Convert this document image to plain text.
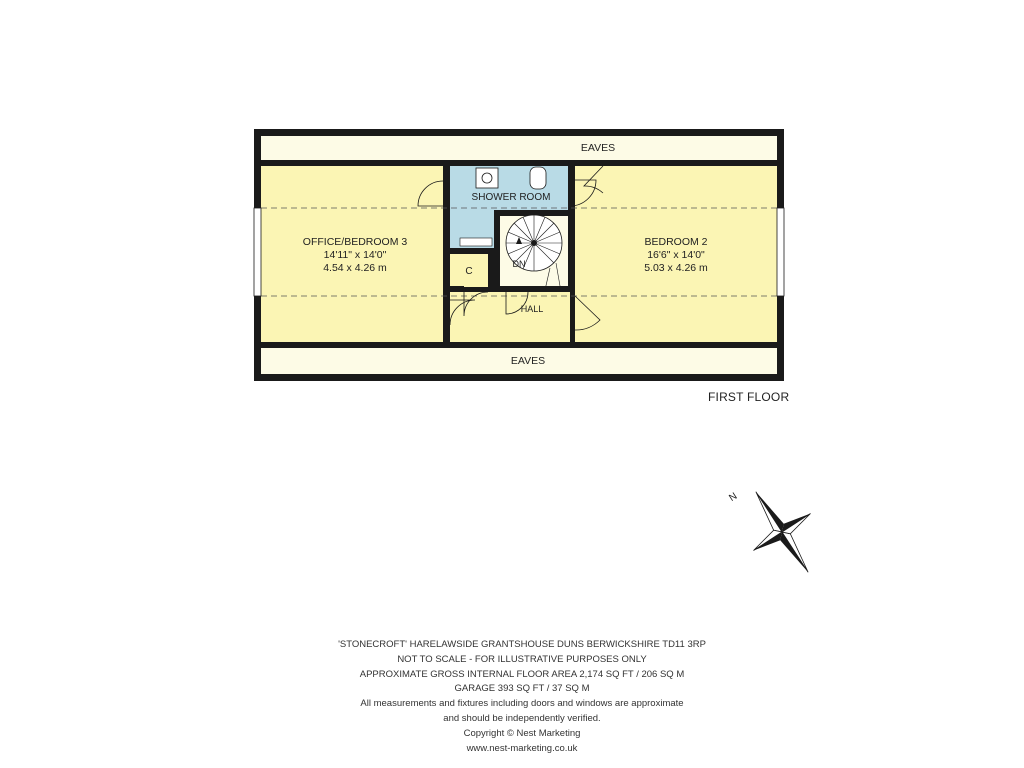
EAVES
EAVES
SHOWER ROOM
OFFICE/BEDROOM 3
14'11" x 14'0"
4.54 x 4.26 m
BEDROOM 2
16'6" x 14'0"
5.03 x 4.26 m
C
DN
HALL
N
FIRST FLOOR
'STONECROFT' HARELAWSIDE GRANTSHOUSE DUNS BERWICKSHIRE TD11 3RP
NOT TO SCALE - FOR ILLUSTRATIVE PURPOSES ONLY
APPROXIMATE GROSS INTERNAL FLOOR AREA 2,174 SQ FT / 206 SQ M
GARAGE 393 SQ FT / 37 SQ M
All measurements and fixtures including doors and windows are approximate
and should be independently verified.
Copyright © Nest Marketing
www.nest-marketing.co.uk
